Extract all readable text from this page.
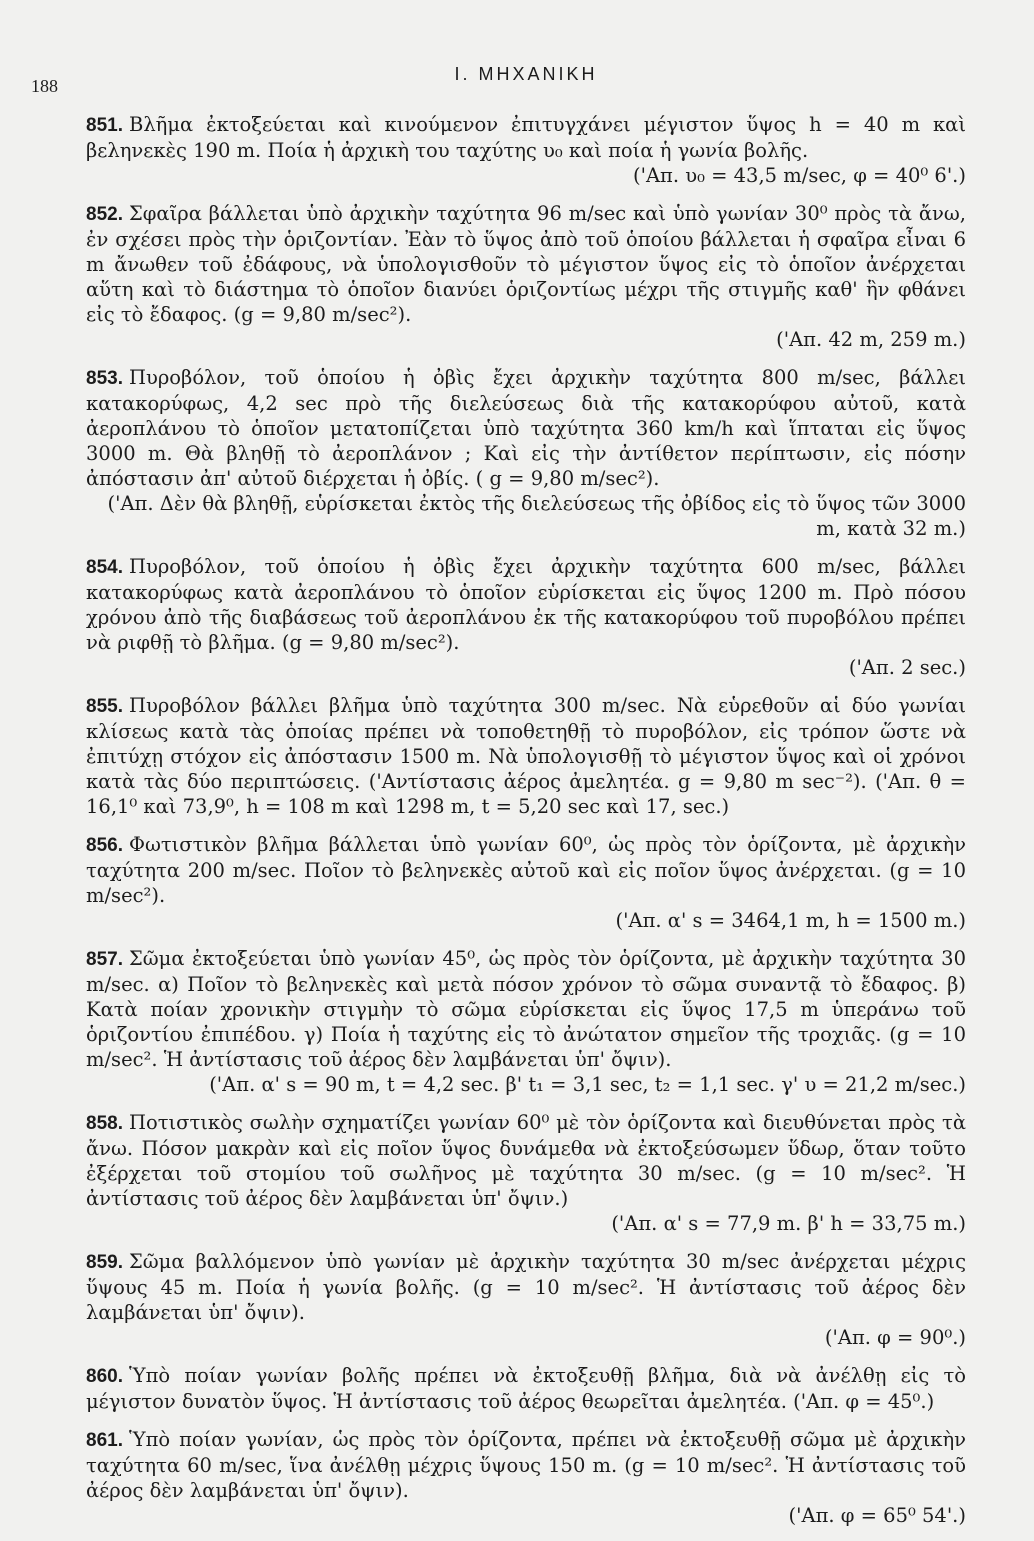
188
Ι. ΜΗΧΑΝΙΚΗ
851. Βλῆμα ἐκτοξεύεται καὶ κινούμενον ἐπιτυγχάνει μέγιστον ὕψος h = 40 m καὶ βεληνεκὲς 190 m. Ποία ἡ ἀρχικὴ του ταχύτης υ₀ καὶ ποία ἡ γωνία βολῆς.
('Απ. υ₀ = 43,5 m/sec, φ = 40⁰ 6'.)
852. Σφαῖρα βάλλεται ὑπὸ ἀρχικὴν ταχύτητα 96 m/sec καὶ ὑπὸ γωνίαν 30⁰ πρὸς τὰ ἄνω, ἐν σχέσει πρὸς τὴν ὁριζοντίαν. Ἐὰν τὸ ὕψος ἀπὸ τοῦ ὁποίου βάλλεται ἡ σφαῖρα εἶναι 6 m ἄνωθεν τοῦ ἐδάφους, νὰ ὑπολογισθοῦν τὸ μέγιστον ὕψος εἰς τὸ ὁποῖον ἀνέρχεται αὕτη καὶ τὸ διάστημα τὸ ὁποῖον διανύει ὁριζοντίως μέχρι τῆς στιγμῆς καθ' ἣν φθάνει εἰς τὸ ἔδαφος. (g = 9,80 m/sec²).
('Απ. 42 m, 259 m.)
853. Πυροβόλον, τοῦ ὁποίου ἡ ὀβὶς ἔχει ἀρχικὴν ταχύτητα 800 m/sec, βάλλει κατακορύφως, 4,2 sec πρὸ τῆς διελεύσεως διὰ τῆς κατακορύφου αὐτοῦ, κατὰ ἀεροπλάνου τὸ ὁποῖον μετατοπίζεται ὑπὸ ταχύτητα 360 km/h καὶ ἵπταται εἰς ὕψος 3000 m. Θὰ βληθῇ τὸ ἀεροπλάνον ; Καὶ εἰς τὴν ἀντίθετον περίπτωσιν, εἰς πόσην ἀπόστασιν ἀπ' αὐτοῦ διέρχεται ἡ ὀβίς. ( g = 9,80 m/sec²).
('Απ. Δὲν θὰ βληθῇ, εὑρίσκεται ἐκτὸς τῆς διελεύσεως τῆς ὀβίδος εἰς τὸ ὕψος τῶν 3000 m, κατὰ 32 m.)
854. Πυροβόλον, τοῦ ὁποίου ἡ ὀβὶς ἔχει ἀρχικὴν ταχύτητα 600 m/sec, βάλλει κατακορύφως κατὰ ἀεροπλάνου τὸ ὁποῖον εὑρίσκεται εἰς ὕψος 1200 m. Πρὸ πόσου χρόνου ἀπὸ τῆς διαβάσεως τοῦ ἀεροπλάνου ἐκ τῆς κατακορύφου τοῦ πυροβόλου πρέπει νὰ ριφθῇ τὸ βλῆμα. (g = 9,80 m/sec²).
('Απ. 2 sec.)
855. Πυροβόλον βάλλει βλῆμα ὑπὸ ταχύτητα 300 m/sec. Νὰ εὑρεθοῦν αἱ δύο γωνίαι κλίσεως κατὰ τὰς ὁποίας πρέπει νὰ τοποθετηθῇ τὸ πυροβόλον, εἰς τρόπον ὥστε νὰ ἐπιτύχῃ στόχον εἰς ἀπόστασιν 1500 m. Νὰ ὑπολογισθῇ τὸ μέγιστον ὕψος καὶ οἱ χρόνοι κατὰ τὰς δύο περιπτώσεις. ('Αντίστασις ἀέρος ἀμελητέα. g = 9,80 m sec⁻²). ('Απ. θ = 16,1⁰ καὶ 73,9⁰, h = 108 m καὶ 1298 m, t = 5,20 sec καὶ 17, sec.)
856. Φωτιστικὸν βλῆμα βάλλεται ὑπὸ γωνίαν 60⁰, ὡς πρὸς τὸν ὁρίζοντα, μὲ ἀρχικὴν ταχύτητα 200 m/sec. Ποῖον τὸ βεληνεκὲς αὐτοῦ καὶ εἰς ποῖον ὕψος ἀνέρχεται. (g = 10 m/sec²).
('Απ. α' s = 3464,1 m, h = 1500 m.)
857. Σῶμα ἐκτοξεύεται ὑπὸ γωνίαν 45⁰, ὡς πρὸς τὸν ὁρίζοντα, μὲ ἀρχικὴν ταχύτητα 30 m/sec. α) Ποῖον τὸ βεληνεκὲς καὶ μετὰ πόσον χρόνον τὸ σῶμα συναντᾷ τὸ ἔδαφος. β) Κατὰ ποίαν χρονικὴν στιγμὴν τὸ σῶμα εὑρίσκεται εἰς ὕψος 17,5 m ὑπεράνω τοῦ ὁριζοντίου ἐπιπέδου. γ) Ποία ἡ ταχύτης εἰς τὸ ἀνώτατον σημεῖον τῆς τροχιᾶς. (g = 10 m/sec². Ἡ ἀντίστασις τοῦ ἀέρος δὲν λαμβάνεται ὑπ' ὄψιν).
('Απ. α' s = 90 m, t = 4,2 sec. β' t₁ = 3,1 sec, t₂ = 1,1 sec. γ' υ = 21,2 m/sec.)
858. Ποτιστικὸς σωλὴν σχηματίζει γωνίαν 60⁰ μὲ τὸν ὁρίζοντα καὶ διευθύνεται πρὸς τὰ ἄνω. Πόσον μακρὰν καὶ εἰς ποῖον ὕψος δυνάμεθα νὰ ἐκτοξεύσωμεν ὕδωρ, ὅταν τοῦτο ἐξέρχεται τοῦ στομίου τοῦ σωλῆνος μὲ ταχύτητα 30 m/sec. (g = 10 m/sec². Ἡ ἀντίστασις τοῦ ἀέρος δὲν λαμβάνεται ὑπ' ὄψιν.)
('Απ. α' s = 77,9 m. β' h = 33,75 m.)
859. Σῶμα βαλλόμενον ὑπὸ γωνίαν μὲ ἀρχικὴν ταχύτητα 30 m/sec ἀνέρχεται μέχρις ὕψους 45 m. Ποία ἡ γωνία βολῆς. (g = 10 m/sec². Ἡ ἀντίστασις τοῦ ἀέρος δὲν λαμβάνεται ὑπ' ὄψιν).
('Απ. φ = 90⁰.)
860. Ὑπὸ ποίαν γωνίαν βολῆς πρέπει νὰ ἐκτοξευθῇ βλῆμα, διὰ νὰ ἀνέλθῃ εἰς τὸ μέγιστον δυνατὸν ὕψος. Ἡ ἀντίστασις τοῦ ἀέρος θεωρεῖται ἀμελητέα. ('Απ. φ = 45⁰.)
861. Ὑπὸ ποίαν γωνίαν, ὡς πρὸς τὸν ὁρίζοντα, πρέπει νὰ ἐκτοξευθῇ σῶμα μὲ ἀρχικὴν ταχύτητα 60 m/sec, ἵνα ἀνέλθῃ μέχρις ὕψους 150 m. (g = 10 m/sec². Ἡ ἀντίστασις τοῦ ἀέρος δὲν λαμβάνεται ὑπ' ὄψιν).
('Απ. φ = 65⁰ 54'.)
